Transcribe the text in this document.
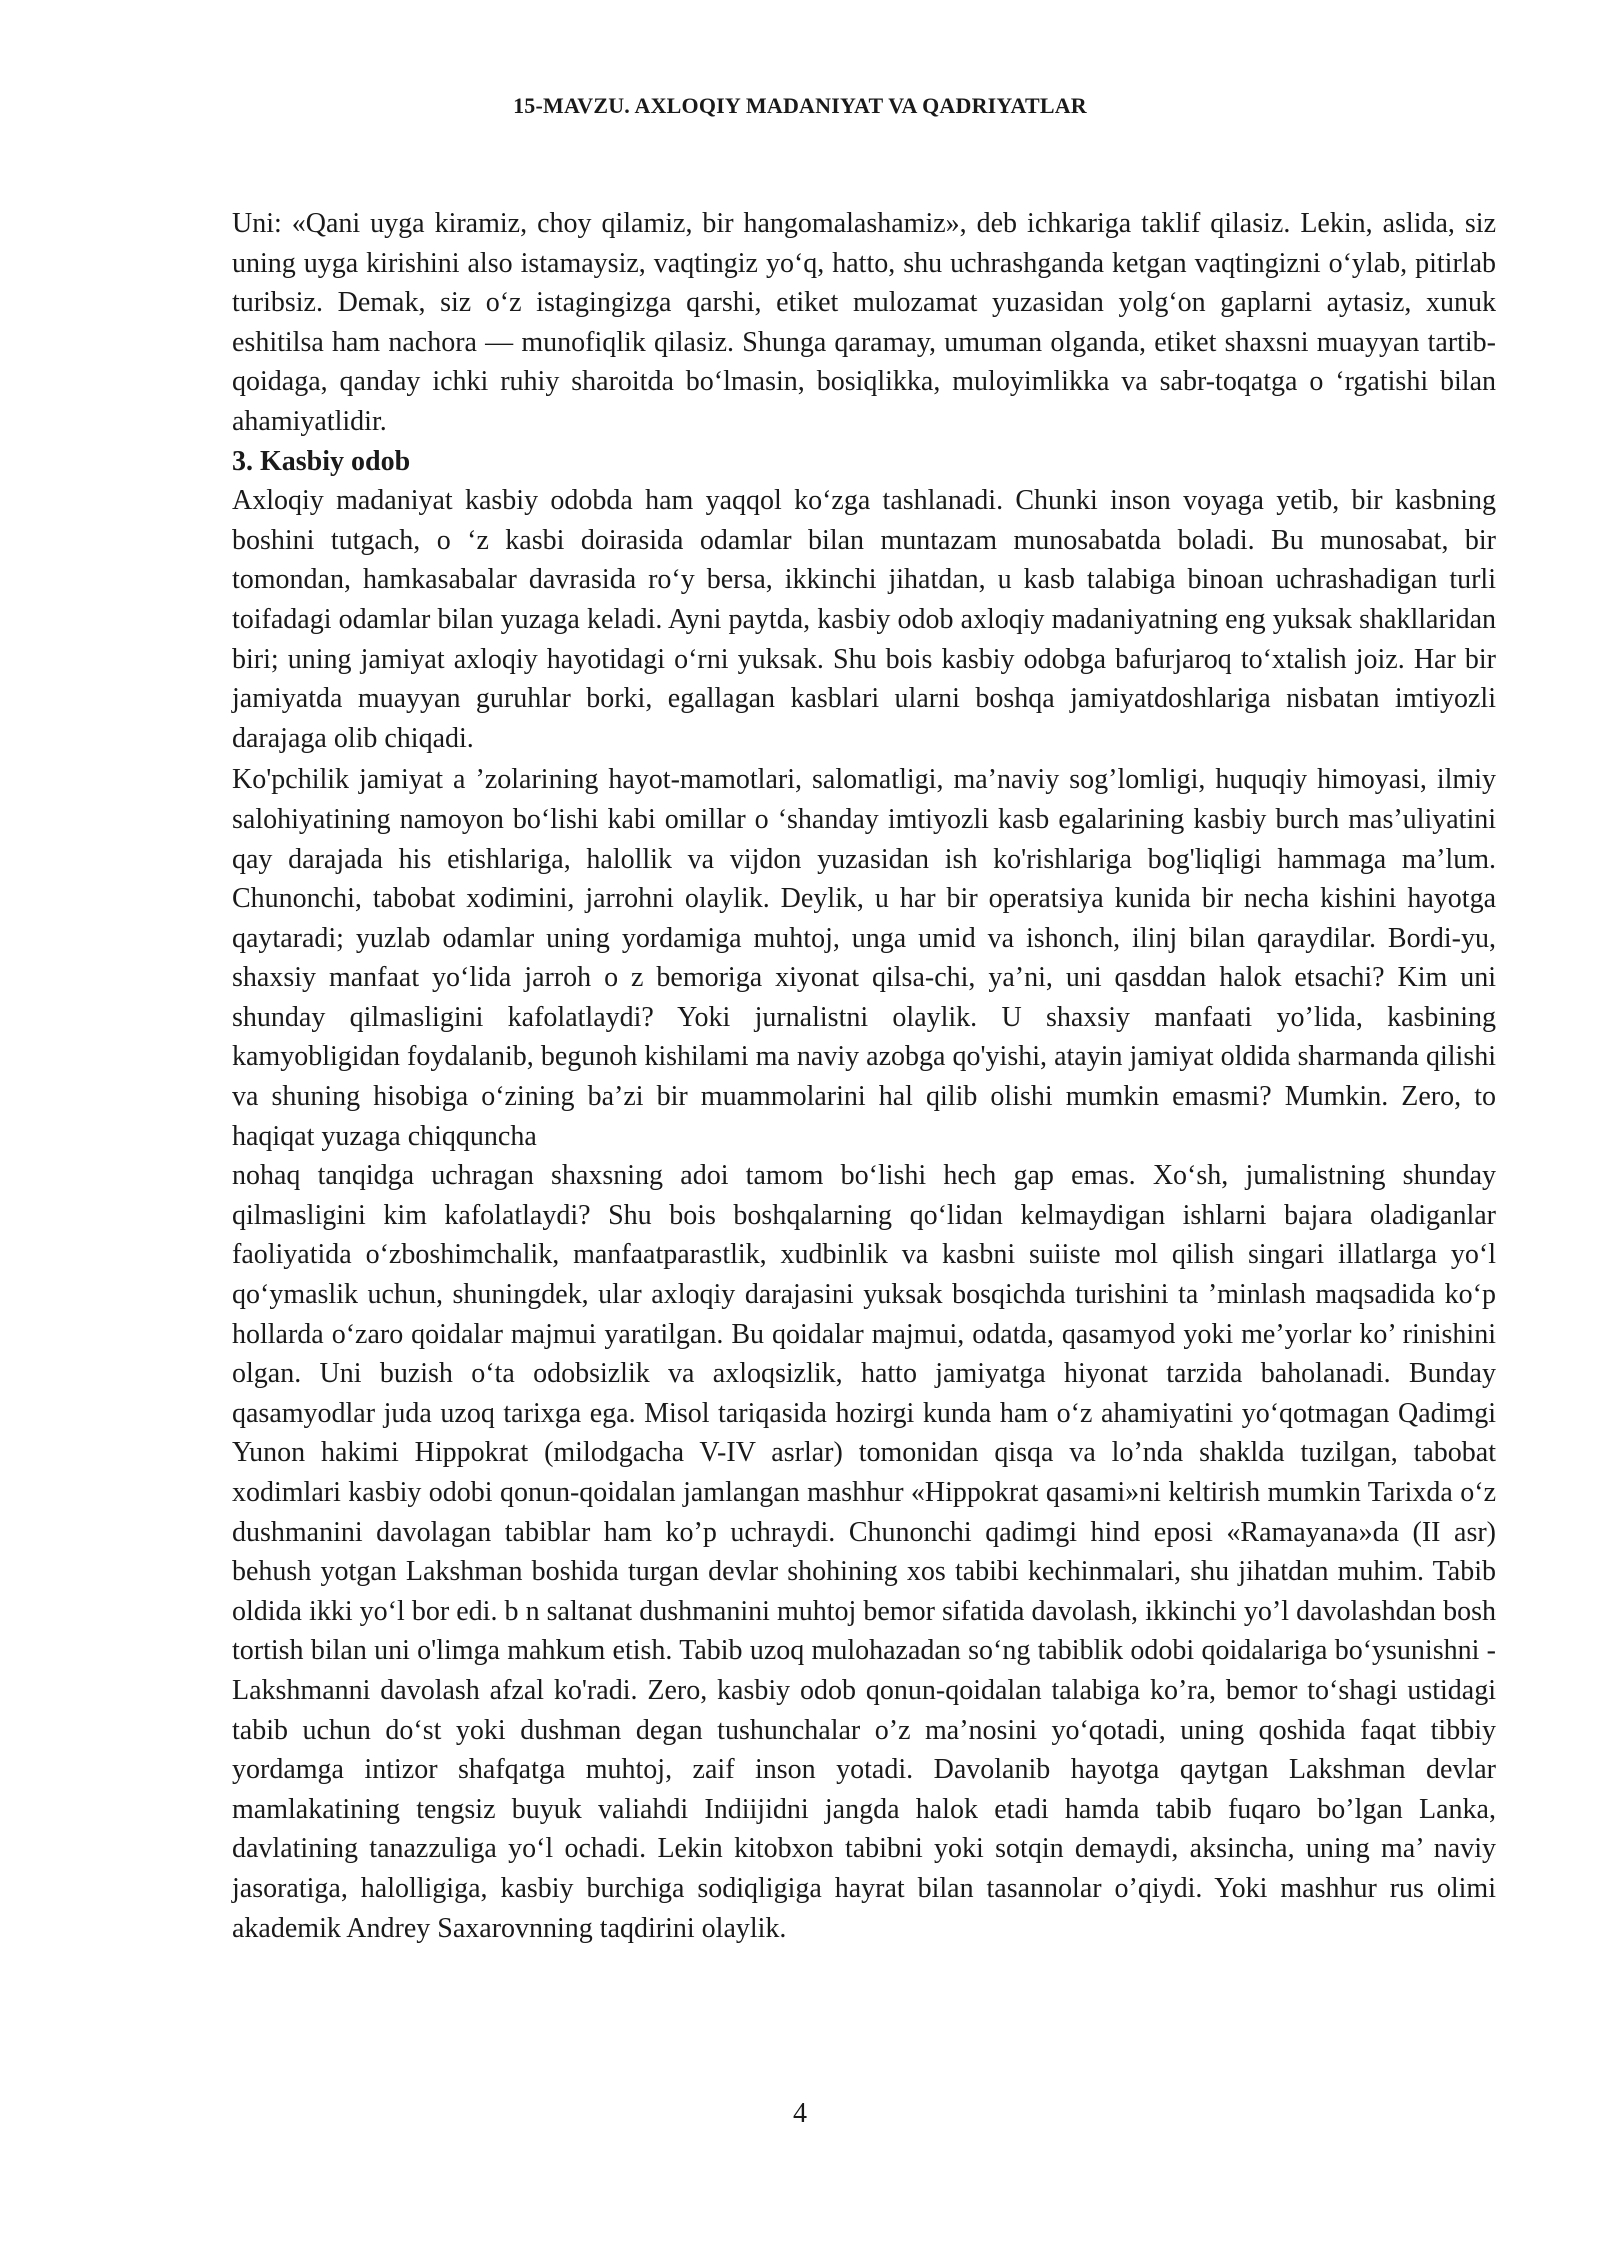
15-MAVZU. AXLOQIY MADANIYAT VA QADRIYATLAR

Uni: «Qani uyga kiramiz, choy qilamiz, bir hangomalashamiz», deb ichkariga taklif qilasiz. Lekin, aslida, siz uning uyga kirishini also istamaysiz, vaqtingiz yo‘q, hatto, shu uchrashganda ketgan vaqtingizni o‘ylab, pitirlab turibsiz. Demak, siz o‘z istagingizga qarshi, etiket mulozamat yuzasidan yolg‘on gaplarni aytasiz, xunuk eshitilsa ham nachora — munofiqlik qilasiz. Shunga qaramay, umuman olganda, etiket shaxsni muayyan tartib-qoidaga, qanday ichki ruhiy sharoitda bo‘lmasin, bosiqlikka, muloyimlikka va sabr-toqatga o ‘rgatishi bilan ahamiyatlidir.

3. Kasbiy odob

Axloqiy madaniyat kasbiy odobda ham yaqqol ko‘zga tashlanadi. Chunki inson voyaga yetib, bir kasbning boshini tutgach, o ‘z kasbi doirasida odamlar bilan muntazam munosabatda boladi. Bu munosabat, bir tomondan, hamkasabalar davrasida ro‘y bersa, ikkinchi jihatdan, u kasb talabiga binoan uchrashadigan turli toifadagi odamlar bilan yuzaga keladi. Ayni paytda, kasbiy odob axloqiy madaniyatning eng yuksak shakllaridan biri; uning jamiyat axloqiy hayotidagi o‘rni yuksak. Shu bois kasbiy odobga bafurjaroq to‘xtalish joiz. Har bir jamiyatda muayyan guruhlar borki, egallagan kasblari ularni boshqa jamiyatdoshlariga nisbatan imtiyozli darajaga olib chiqadi.

Ko'pchilik jamiyat a ’zolarining hayot-mamotlari, salomatligi, ma’naviy sog’lomligi, huquqiy himoyasi, ilmiy salohiyatining namoyon bo‘lishi kabi omillar o ‘shanday imtiyozli kasb egalarining kasbiy burch mas’uliyatini qay darajada his etishlariga, halollik va vijdon yuzasidan ish ko'rishlariga bog'liqligi hammaga ma’lum. Chunonchi, tabobat xodimini, jarrohni olaylik. Deylik, u har bir operatsiya kunida bir necha kishini hayotga qaytaradi; yuzlab odamlar uning yordamiga muhtoj, unga umid va ishonch, ilinj bilan qaraydilar. Bordi-yu, shaxsiy manfaat yo‘lida jarroh o z bemoriga xiyonat qilsa-chi, ya’ni, uni qasddan halok etsachi? Kim uni shunday qilmasligini kafolatlaydi? Yoki jurnalistni olaylik. U shaxsiy manfaati yo’lida, kasbining kamyobligidan foydalanib, begunoh kishilami ma naviy azobga qo'yishi, atayin jamiyat oldida sharmanda qilishi va shuning hisobiga o‘zining ba’zi bir muammolarini hal qilib olishi mumkin emasmi? Mumkin. Zero, to haqiqat yuzaga chiqquncha

nohaq tanqidga uchragan shaxsning adoi tamom bo‘lishi hech gap emas. Xo‘sh, jumalistning shunday qilmasligini kim kafolatlaydi? Shu bois boshqalarning qo‘lidan kelmaydigan ishlarni bajara oladiganlar faoliyatida o‘zboshimchalik, manfaatparastlik, xudbinlik va kasbni suiiste mol qilish singari illatlarga yo‘l qo‘ymaslik uchun, shuningdek, ular axloqiy darajasini yuksak bosqichda turishini ta ’minlash maqsadida ko‘p hollarda o‘zaro qoidalar majmui yaratilgan. Bu qoidalar majmui, odatda, qasamyod yoki me’yorlar ko’ rinishini olgan. Uni buzish o‘ta odobsizlik va axloqsizlik, hatto jamiyatga hiyonat tarzida baholanadi. Bunday qasamyodlar juda uzoq tarixga ega. Misol tariqasida hozirgi kunda ham o‘z ahamiyatini yo‘qotmagan Qadimgi Yunon hakimi Hippokrat (milodgacha V-IV asrlar) tomonidan qisqa va lo’nda shaklda tuzilgan, tabobat xodimlari kasbiy odobi qonun-qoidalan jamlangan mashhur «Hippokrat qasami»ni keltirish mumkin Tarixda o‘z dushmanini davolagan tabiblar ham ko’p uchraydi. Chunonchi qadimgi hind eposi «Ramayana»da (II asr) behush yotgan Lakshman boshida turgan devlar shohining xos tabibi kechinmalari, shu jihatdan muhim. Tabib oldida ikki yo‘l bor edi. b n saltanat dushmanini muhtoj bemor sifatida davolash, ikkinchi yo’l davolashdan bosh tortish bilan uni o'limga mahkum etish. Tabib uzoq mulohazadan so‘ng tabiblik odobi qoidalariga bo‘ysunishni - Lakshmanni davolash afzal ko'radi. Zero, kasbiy odob qonun-qoidalan talabiga ko’ra, bemor to‘shagi ustidagi tabib uchun do‘st yoki dushman degan tushunchalar o’z ma’nosini yo‘qotadi, uning qoshida faqat tibbiy yordamga intizor shafqatga muhtoj, zaif inson yotadi. Davolanib hayotga qaytgan Lakshman devlar mamlakatining tengsiz buyuk valiahdi Indiijidni jangda halok etadi hamda tabib fuqaro bo’lgan Lanka, davlatining tanazzuliga yo‘l ochadi. Lekin kitobxon tabibni yoki sotqin demaydi, aksincha, uning ma’ naviy jasoratiga, halolligiga, kasbiy burchiga sodiqligiga hayrat bilan tasannolar o’qiydi. Yoki mashhur rus olimi akademik Andrey Saxarovnning taqdirini olaylik.

4
